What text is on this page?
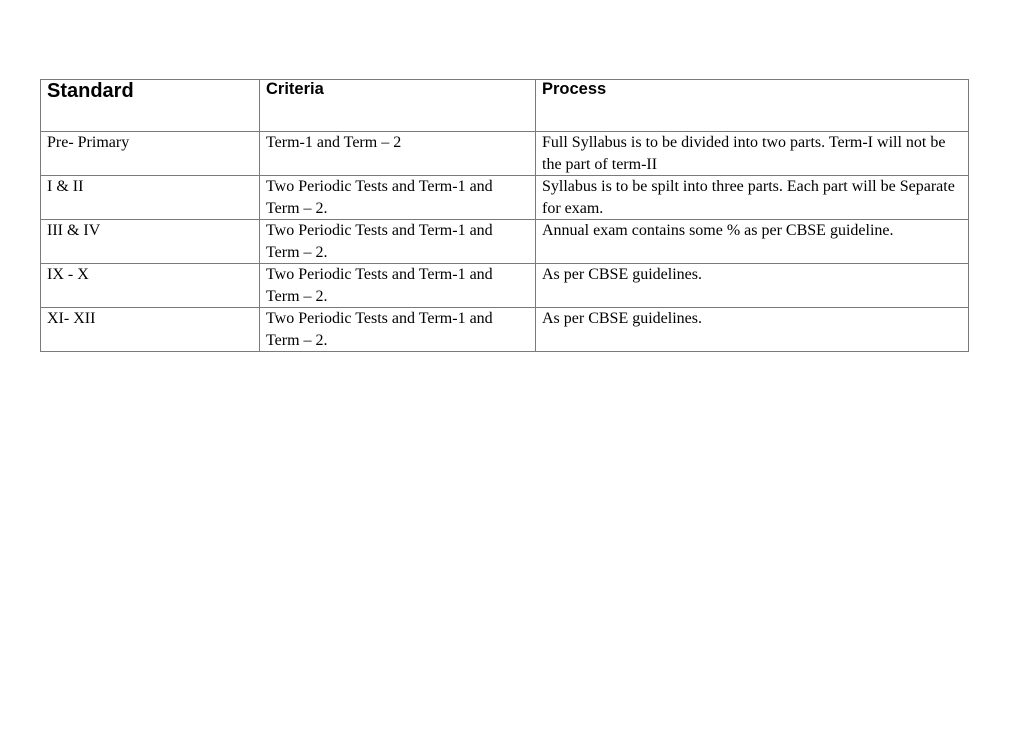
Standard	Criteria	Process
Pre- Primary	Term-1 and Term – 2	Full Syllabus is to be divided into two parts. Term-I will not be the part of term-II
I & II	Two Periodic Tests and Term-1 and Term – 2.	Syllabus is to be spilt into three parts. Each part will be Separate for exam.
III & IV	Two Periodic Tests and Term-1 and Term – 2.	Annual exam contains some % as per CBSE guideline.
IX - X	Two Periodic Tests and Term-1 and Term – 2.	As per CBSE guidelines.
XI- XII	Two Periodic Tests and Term-1 and Term – 2.	As per CBSE guidelines.
